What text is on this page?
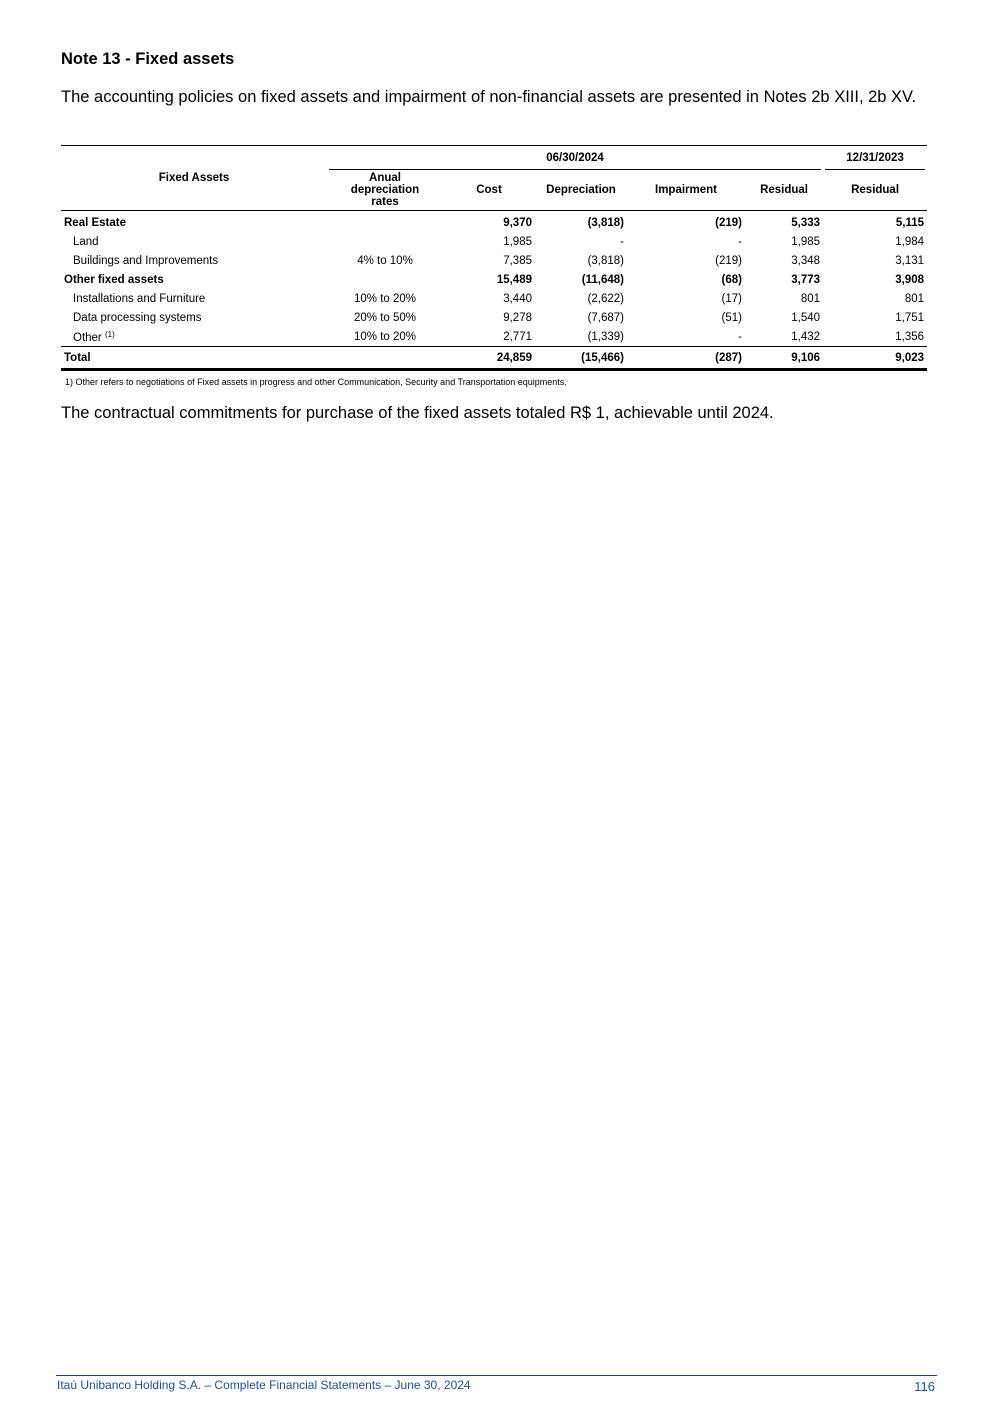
Note 13 - Fixed assets

The accounting policies on fixed assets and impairment of non-financial assets are presented in Notes 2b XIII, 2b XV.

Fixed Assets	06/30/2024					12/31/2023

	Anual depreciation rates	Cost	Depreciation	Impairment	Residual	Residual
Real Estate		9,370	(3,818)	(219)	5,333	5,115
Land		1,985	-	-	1,985	1,984
Buildings and Improvements	4% to 10%	7,385	(3,818)	(219)	3,348	3,131
Other fixed assets		15,489	(11,648)	(68)	3,773	3,908
Installations and Furniture	10% to 20%	3,440	(2,622)	(17)	801	801
Data processing systems	20% to 50%	9,278	(7,687)	(51)	1,540	1,751
Other $^{(1)}$	10% to 20%	2,771	(1,339)	-	1,432	1,356
Total		24,859	(15,466)	(287)	9,106	9,023

1) Other refers to negotiations of Fixed assets in progress and other Communication, Security and Transportation equipments.

The contractual commitments for purchase of the fixed assets totaled R$ 1, achievable until 2024.

Itaú Unibanco Holding S.A. – Complete Financial Statements – June 30, 2024	116
